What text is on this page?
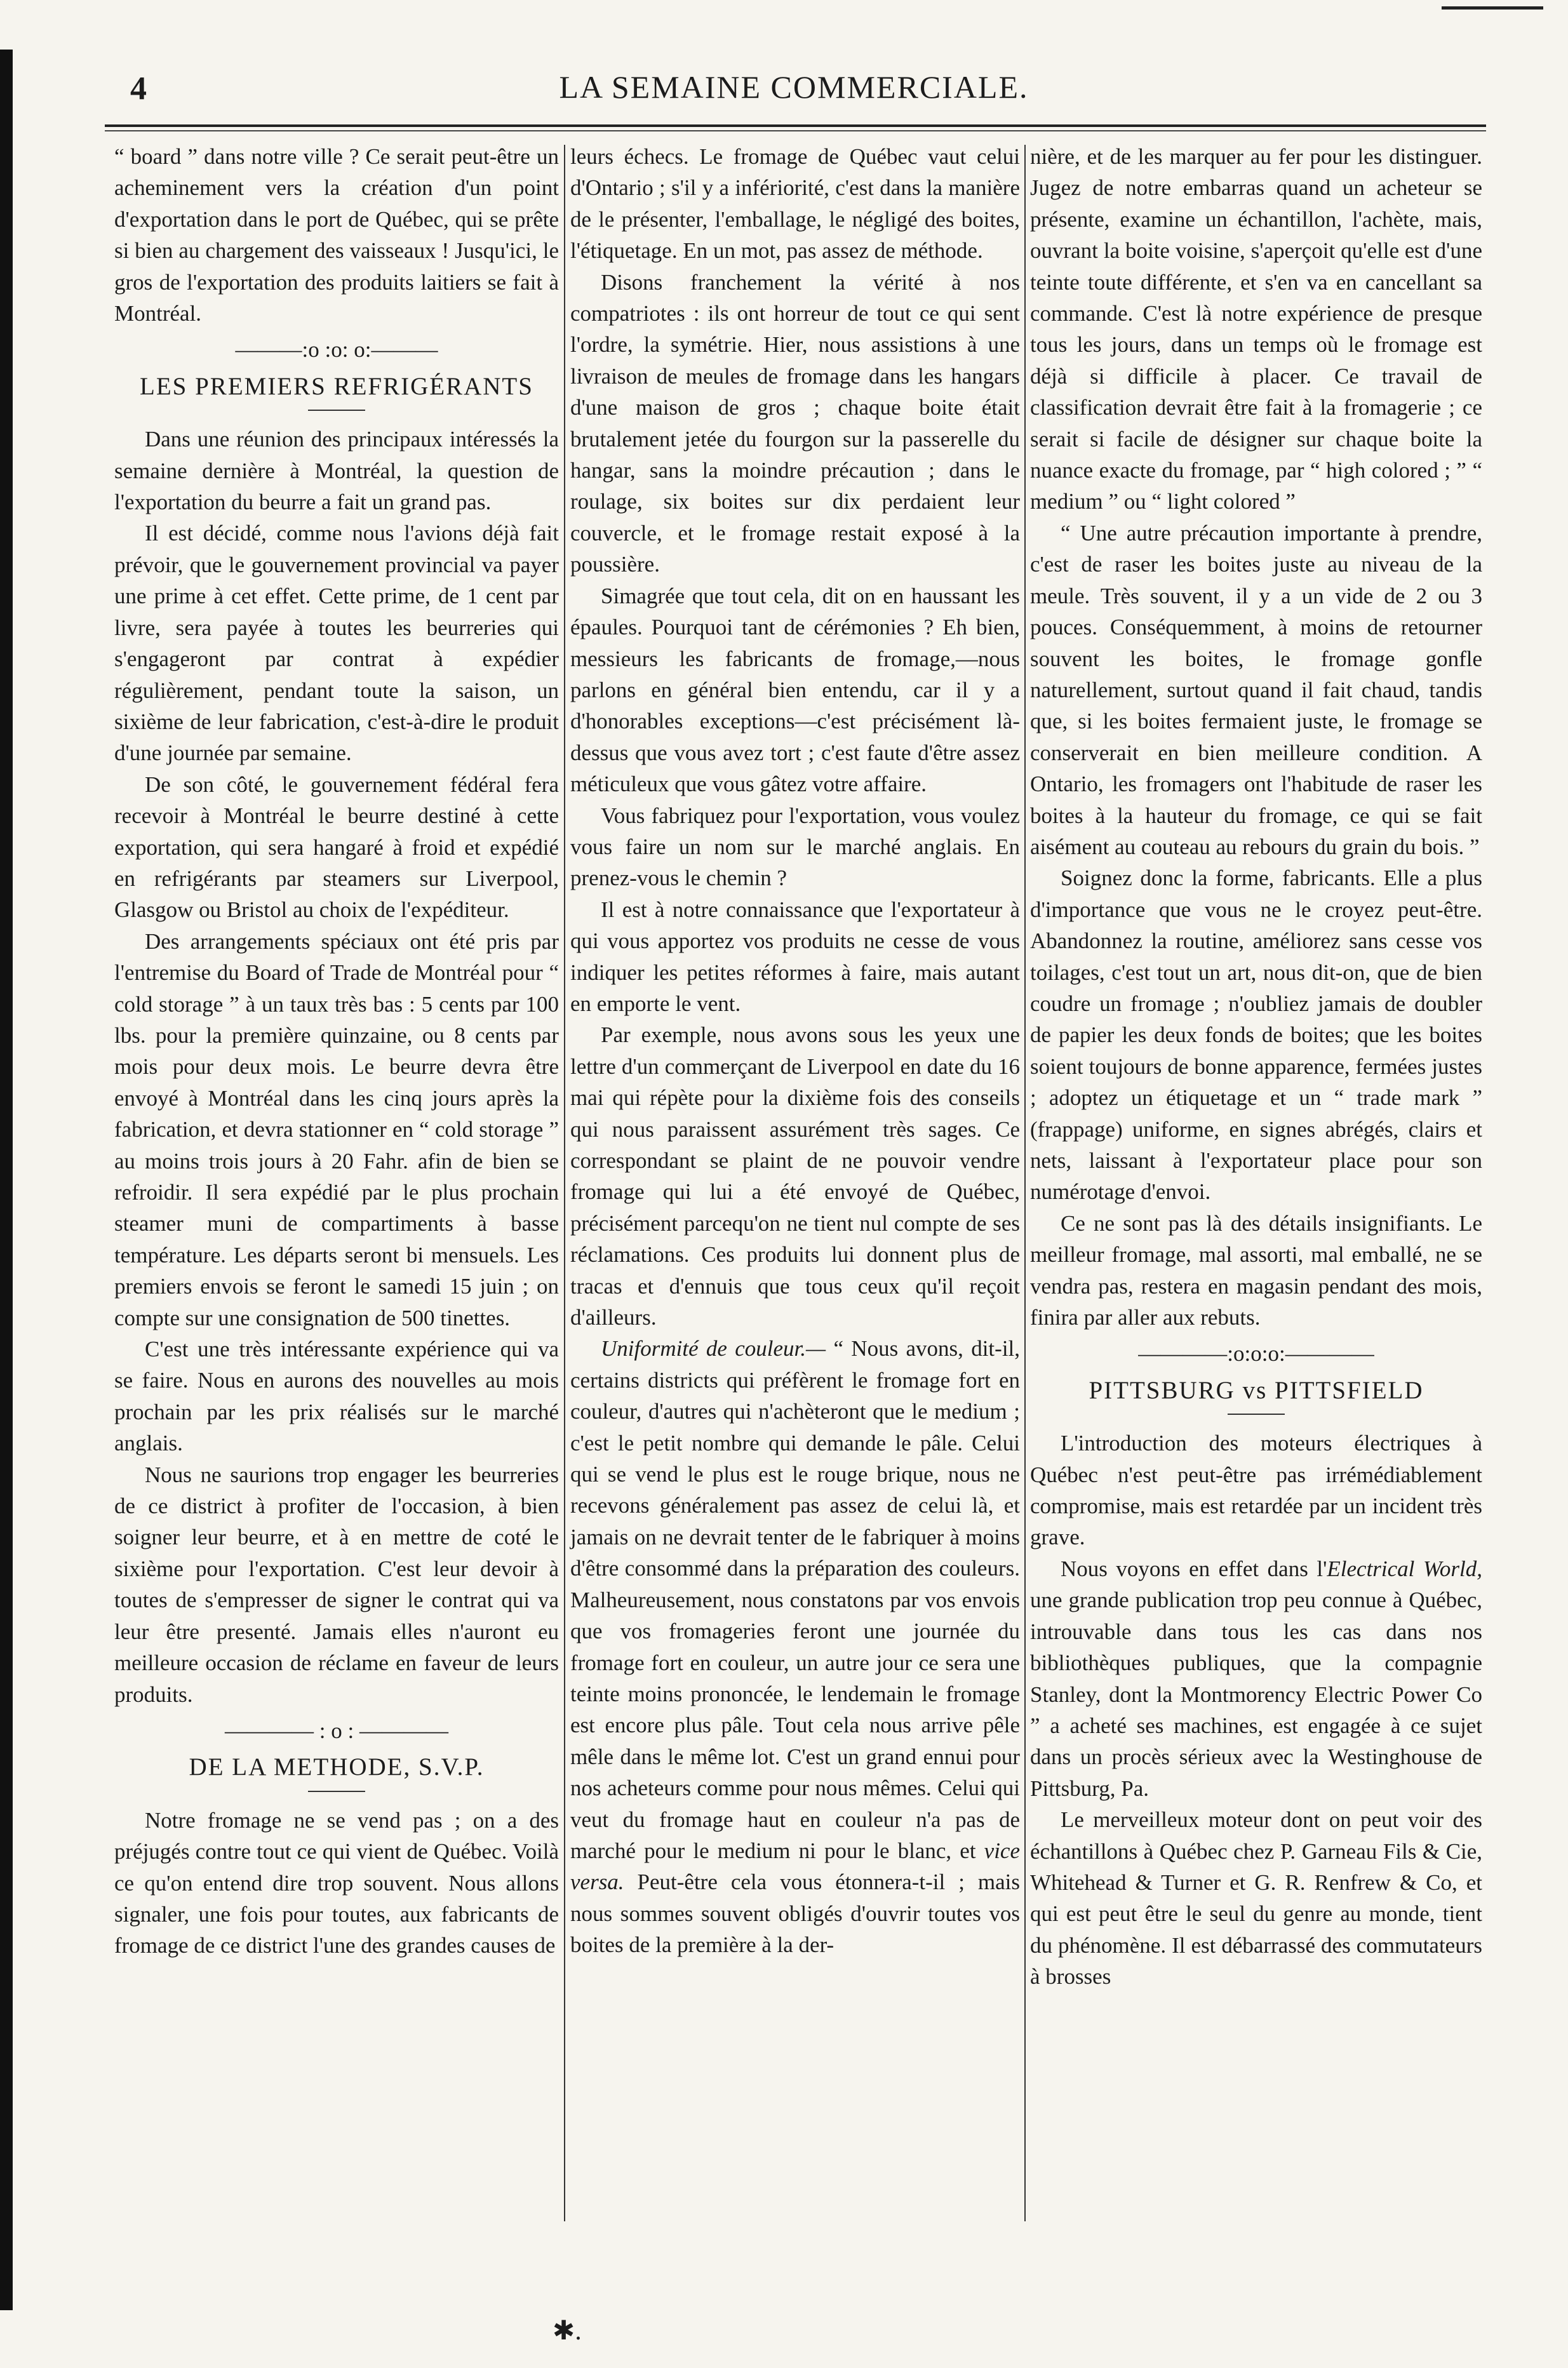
4	LA SEMAINE COMMERCIALE.

“ board ” dans notre ville ? Ce serait peut-être un acheminement vers la création d'un point d'exportation dans le port de Québec, qui se prête si bien au chargement des vaisseaux ! Jusqu'ici, le gros de l'exportation des produits laitiers se fait à Montréal.

———:o :o: o:———
LES PREMIERS REFRIGÉRANTS

Dans une réunion des principaux intéressés la semaine dernière à Montréal, la question de l'exportation du beurre a fait un grand pas.

Il est décidé, comme nous l'avions déjà fait prévoir, que le gouvernement provincial va payer une prime à cet effet. Cette prime, de 1 cent par livre, sera payée à toutes les beurreries qui s'engageront par contrat à expédier régulièrement, pendant toute la saison, un sixième de leur fabrication, c'est-à-dire le produit d'une journée par semaine.

De son côté, le gouvernement fédéral fera recevoir à Montréal le beurre destiné à cette exportation, qui sera hangaré à froid et expédié en refrigérants par steamers sur Liverpool, Glasgow ou Bristol au choix de l'expéditeur.

Des arrangements spéciaux ont été pris par l'entremise du Board of Trade de Montréal pour “ cold storage ” à un taux très bas : 5 cents par 100 lbs. pour la première quinzaine, ou 8 cents par mois pour deux mois. Le beurre devra être envoyé à Montréal dans les cinq jours après la fabrication, et devra stationner en “ cold storage ” au moins trois jours à 20 Fahr. afin de bien se refroidir. Il sera expédié par le plus prochain steamer muni de compartiments à basse température. Les départs seront bi mensuels. Les premiers envois se feront le samedi 15 juin ; on compte sur une consignation de 500 tinettes.

C'est une très intéressante expérience qui va se faire. Nous en aurons des nouvelles au mois prochain par les prix réalisés sur le marché anglais.

Nous ne saurions trop engager les beurreries de ce district à profiter de l'occasion, à bien soigner leur beurre, et à en mettre de coté le sixième pour l'exportation. C'est leur devoir à toutes de s'empresser de signer le contrat qui va leur être presenté. Jamais elles n'auront eu meilleure occasion de réclame en faveur de leurs produits.

———— : o : ————
DE LA METHODE, S.V.P.

Notre fromage ne se vend pas ; on a des préjugés contre tout ce qui vient de Québec. Voilà ce qu'on entend dire trop souvent. Nous allons signaler, une fois pour toutes, aux fabricants de fromage de ce district l'une des grandes causes de

leurs échecs. Le fromage de Québec vaut celui d'Ontario ; s'il y a infériorité, c'est dans la manière de le présenter, l'emballage, le négligé des boites, l'étiquetage. En un mot, pas assez de méthode.

Disons franchement la vérité à nos compatriotes : ils ont horreur de tout ce qui sent l'ordre, la symétrie. Hier, nous assistions à une livraison de meules de fromage dans les hangars d'une maison de gros ; chaque boite était brutalement jetée du fourgon sur la passerelle du hangar, sans la moindre précaution ; dans le roulage, six boites sur dix perdaient leur couvercle, et le fromage restait exposé à la poussière.

Simagrée que tout cela, dit on en haussant les épaules. Pourquoi tant de cérémonies ? Eh bien, messieurs les fabricants de fromage,—nous parlons en général bien entendu, car il y a d'honorables exceptions—c'est précisément là-dessus que vous avez tort ; c'est faute d'être assez méticuleux que vous gâtez votre affaire.

Vous fabriquez pour l'exportation, vous voulez vous faire un nom sur le marché anglais. En prenez-vous le chemin ?

Il est à notre connaissance que l'exportateur à qui vous apportez vos produits ne cesse de vous indiquer les petites réformes à faire, mais autant en emporte le vent.

Par exemple, nous avons sous les yeux une lettre d'un commerçant de Liverpool en date du 16 mai qui répète pour la dixième fois des conseils qui nous paraissent assurément très sages. Ce correspondant se plaint de ne pouvoir vendre fromage qui lui a été envoyé de Québec, précisément parcequ'on ne tient nul compte de ses réclamations. Ces produits lui donnent plus de tracas et d'ennuis que tous ceux qu'il reçoit d'ailleurs.

Uniformité de couleur.— “ Nous avons, dit-il, certains districts qui préfèrent le fromage fort en couleur, d'autres qui n'achèteront que le medium ; c'est le petit nombre qui demande le pâle. Celui qui se vend le plus est le rouge brique, nous ne recevons généralement pas assez de celui là, et jamais on ne devrait tenter de le fabriquer à moins d'être consommé dans la préparation des couleurs. Malheureusement, nous constatons par vos envois que vos fromageries feront une journée du fromage fort en couleur, un autre jour ce sera une teinte moins prononcée, le lendemain le fromage est encore plus pâle. Tout cela nous arrive pêle mêle dans le même lot. C'est un grand ennui pour nos acheteurs comme pour nous mêmes. Celui qui veut du fromage haut en couleur n'a pas de marché pour le medium ni pour le blanc, et vice versa. Peut-être cela vous étonnera-t-il ; mais nous sommes souvent obligés d'ouvrir toutes vos boites de la première à la der-

nière, et de les marquer au fer pour les distinguer. Jugez de notre embarras quand un acheteur se présente, examine un échantillon, l'achète, mais, ouvrant la boite voisine, s'aperçoit qu'elle est d'une teinte toute différente, et s'en va en cancellant sa commande. C'est là notre expérience de presque tous les jours, dans un temps où le fromage est déjà si difficile à placer. Ce travail de classification devrait être fait à la fromagerie ; ce serait si facile de désigner sur chaque boite la nuance exacte du fromage, par “ high colored ; ” “ medium ” ou “ light colored ”

“ Une autre précaution importante à prendre, c'est de raser les boites juste au niveau de la meule. Très souvent, il y a un vide de 2 ou 3 pouces. Conséquemment, à moins de retourner souvent les boites, le fromage gonfle naturellement, surtout quand il fait chaud, tandis que, si les boites fermaient juste, le fromage se conserverait en bien meilleure condition. A Ontario, les fromagers ont l'habitude de raser les boites à la hauteur du fromage, ce qui se fait aisément au couteau au rebours du grain du bois. ”

Soignez donc la forme, fabricants. Elle a plus d'importance que vous ne le croyez peut-être. Abandonnez la routine, améliorez sans cesse vos toilages, c'est tout un art, nous dit-on, que de bien coudre un fromage ; n'oubliez jamais de doubler de papier les deux fonds de boites; que les boites soient toujours de bonne apparence, fermées justes ; adoptez un étiquetage et un “ trade mark ” (frappage) uniforme, en signes abrégés, clairs et nets, laissant à l'exportateur place pour son numérotage d'envoi.

Ce ne sont pas là des détails insignifiants. Le meilleur fromage, mal assorti, mal emballé, ne se vendra pas, restera en magasin pendant des mois, finira par aller aux rebuts.

————:o:o:o:————
PITTSBURG vs PITTSFIELD

L'introduction des moteurs électriques à Québec n'est peut-être pas irrémédiablement compromise, mais est retardée par un incident très grave.

Nous voyons en effet dans l'Electrical World, une grande publication trop peu connue à Québec, introuvable dans tous les cas dans nos bibliothèques publiques, que la compagnie Stanley, dont la Montmorency Electric Power Co ” a acheté ses machines, est engagée à ce sujet dans un procès sérieux avec la Westinghouse de Pittsburg, Pa.

Le merveilleux moteur dont on peut voir des échantillons à Québec chez P. Garneau Fils & Cie, Whitehead & Turner et G. R. Renfrew & Co, et qui est peut être le seul du genre au monde, tient du phénomène. Il est débarrassé des commutateurs à brosses

✱.
